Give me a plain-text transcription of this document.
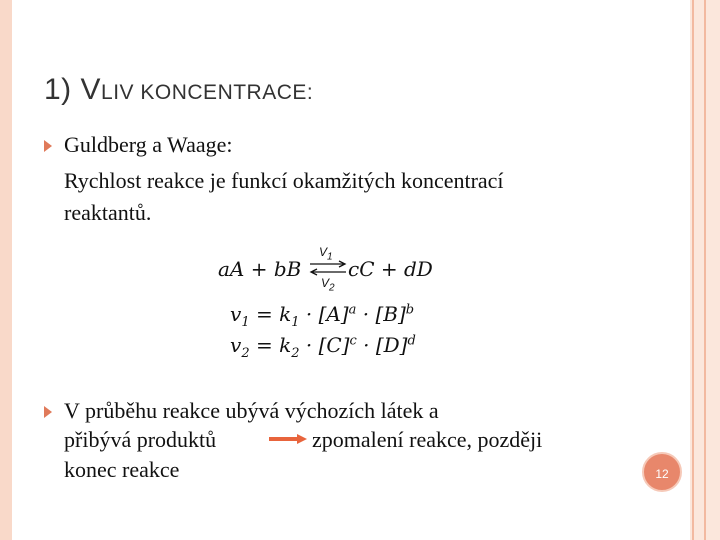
1) VLIV KONCENTRACE:

Guldberg a Waage:

Rychlost reakce je funkcí okamžitých koncentrací

reaktantů.

aA + bB cC + dD
$V_1$
$V_2$
$v_1 = k_1 \cdot [A]^a \cdot [B]^b$
$v_2 = k_2 \cdot [C]^c \cdot [D]^d$

V průběhu reakce ubývá výchozích látek a

přibývá produktů	zpomalení reakce, později

konec reakce	12
